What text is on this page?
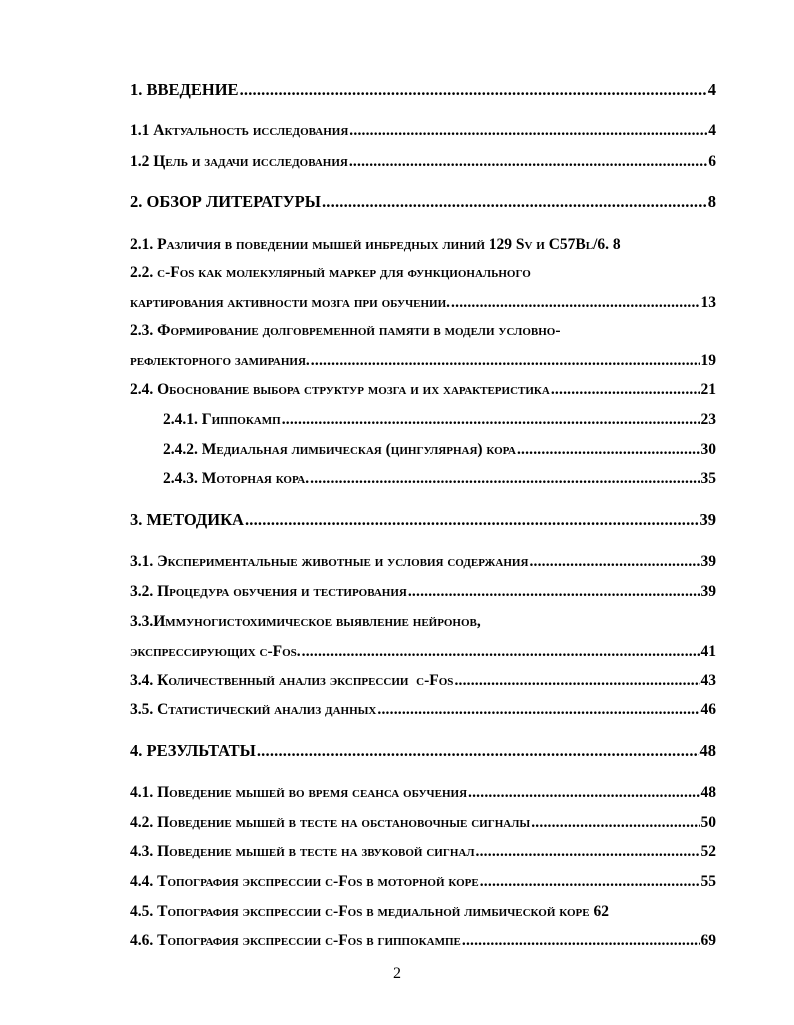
1. ВВЕДЕНИЕ .....	4
1.1 Актуальность исследования .....	4
1.2 Цель и задачи исследования .....	6
2. ОБЗОР ЛИТЕРАТУРЫ .....	8
2.1. Различия в поведении мышей инбредных линий 129 Sv и C57Bl/6. 8
2.2. c-Fos как молекулярный маркер для функционального
картирования активности мозга при обучении. .....	13
2.3. Формирование долговременной памяти в модели условно-
рефлекторного замирания. .....	19
2.4. Обоснование выбора структур мозга и их характеристика .....	21
2.4.1. Гиппокамп .....	23
2.4.2. Медиальная лимбическая (цингулярная) кора .....	30
2.4.3. Моторная кора. .....	35
3. МЕТОДИКА .....	39
3.1. Экспериментальные животные и условия содержания .....	39
3.2. Процедура обучения и тестирования .....	39
3.3.Иммуногистохимическое выявление нейронов,
экспрессирующих c-Fos. .....	41
3.4. Количественный анализ экспрессии  c-Fos .....	43
3.5. Статистический анализ данных .....	46
4. РЕЗУЛЬТАТЫ .....	48
4.1. Поведение мышей во время сеанса обучения .....	48
4.2. Поведение мышей в тесте на обстановочные сигналы .....	50
4.3. Поведение мышей в тесте на звуковой сигнал .....	52
4.4. Топография экспрессии c-Fos в моторной коре .....	55
4.5. Топография экспрессии c-Fos в медиальной лимбической коре 62
4.6. Топография экспрессии c-Fos в гиппокампе .....	69
2
